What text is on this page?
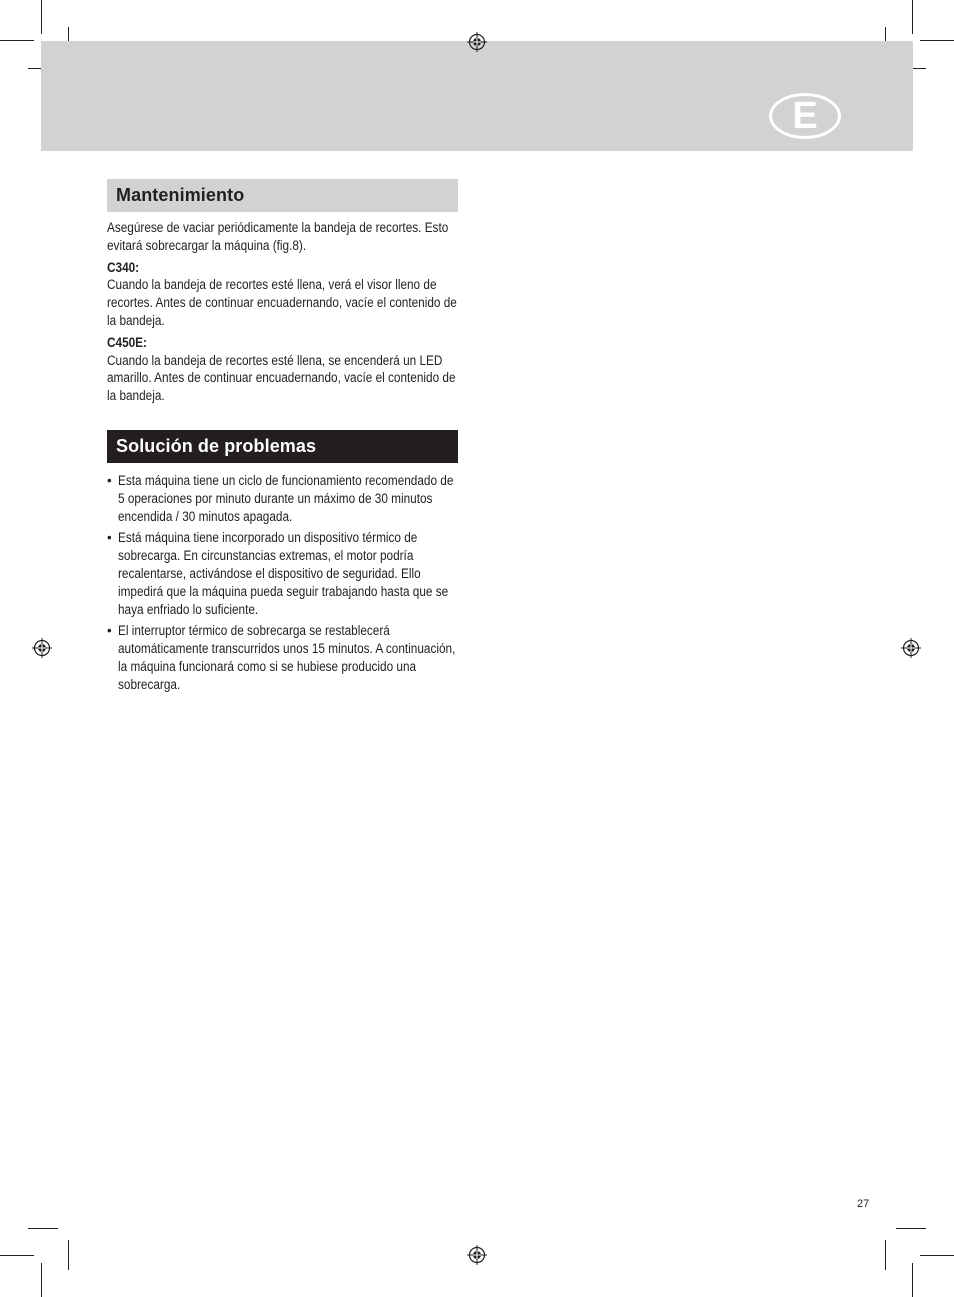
E
Mantenimiento

Asegúrese de vaciar periódicamente la bandeja de recortes. Esto evitará sobrecargar la máquina (fig.8).

C340:

Cuando la bandeja de recortes esté llena, verá el visor lleno de recortes. Antes de continuar encuadernando, vacíe el contenido de la bandeja.

C450E:

Cuando la bandeja de recortes esté llena, se encenderá un LED amarillo. Antes de continuar encuadernando, vacíe el contenido de la bandeja.

Solución de problemas
• Esta máquina tiene un ciclo de funcionamiento recomendado de 5 operaciones por minuto durante un máximo de 30 minutos encendida / 30 minutos apagada.

• Está máquina tiene incorporado un dispositivo térmico de sobrecarga. En circunstancias extremas, el motor podría recalentarse, activándose el dispositivo de seguridad. Ello impedirá que la máquina pueda seguir trabajando hasta que se haya enfriado lo suficiente.

• El interruptor térmico de sobrecarga se restablecerá automáticamente transcurridos unos 15 minutos. A continuación, la máquina funcionará como si se hubiese producido una sobrecarga.

27
